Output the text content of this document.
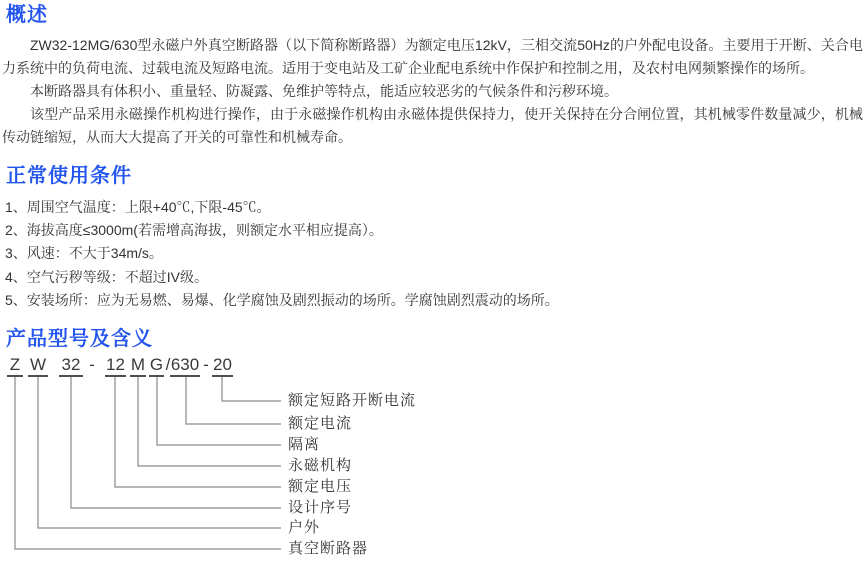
概述

ZW32-12MG/630型永磁户外真空断路器（以下简称断路器）为额定电压12kV，三相交流50Hz的户外配电设备。主要用于开断、关合电力系统中的负荷电流、过载电流及短路电流。适用于变电站及工矿企业配电系统中作保护和控制之用，及农村电网频繁操作的场所。

本断路器具有体积小、重量轻、防凝露、免维护等特点，能适应较恶劣的气候条件和污秽环境。

该型产品采用永磁操作机构进行操作，由于永磁操作机构由永磁体提供保持力，使开关保持在分合闸位置，其机械零件数量减少，机械传动链缩短，从而大大提高了开关的可靠性和机械寿命。

正常使用条件
1、周围空气温度：上限+40℃,下限-45℃。
2、海拔高度≤3000m(若需增高海拔，则额定水平相应提高）。
3、风速：不大于34m/s。
4、空气污秽等级：不超过IV级。
5、安装场所：应为无易燃、易爆、化学腐蚀及剧烈振动的场所。学腐蚀剧烈震动的场所。
产品型号及含义
Z W 32 - 12 M G / 630 - 20
额定短路开断电流
额定电流
隔离
永磁机构
额定电压
设计序号
户外
真空断路器
